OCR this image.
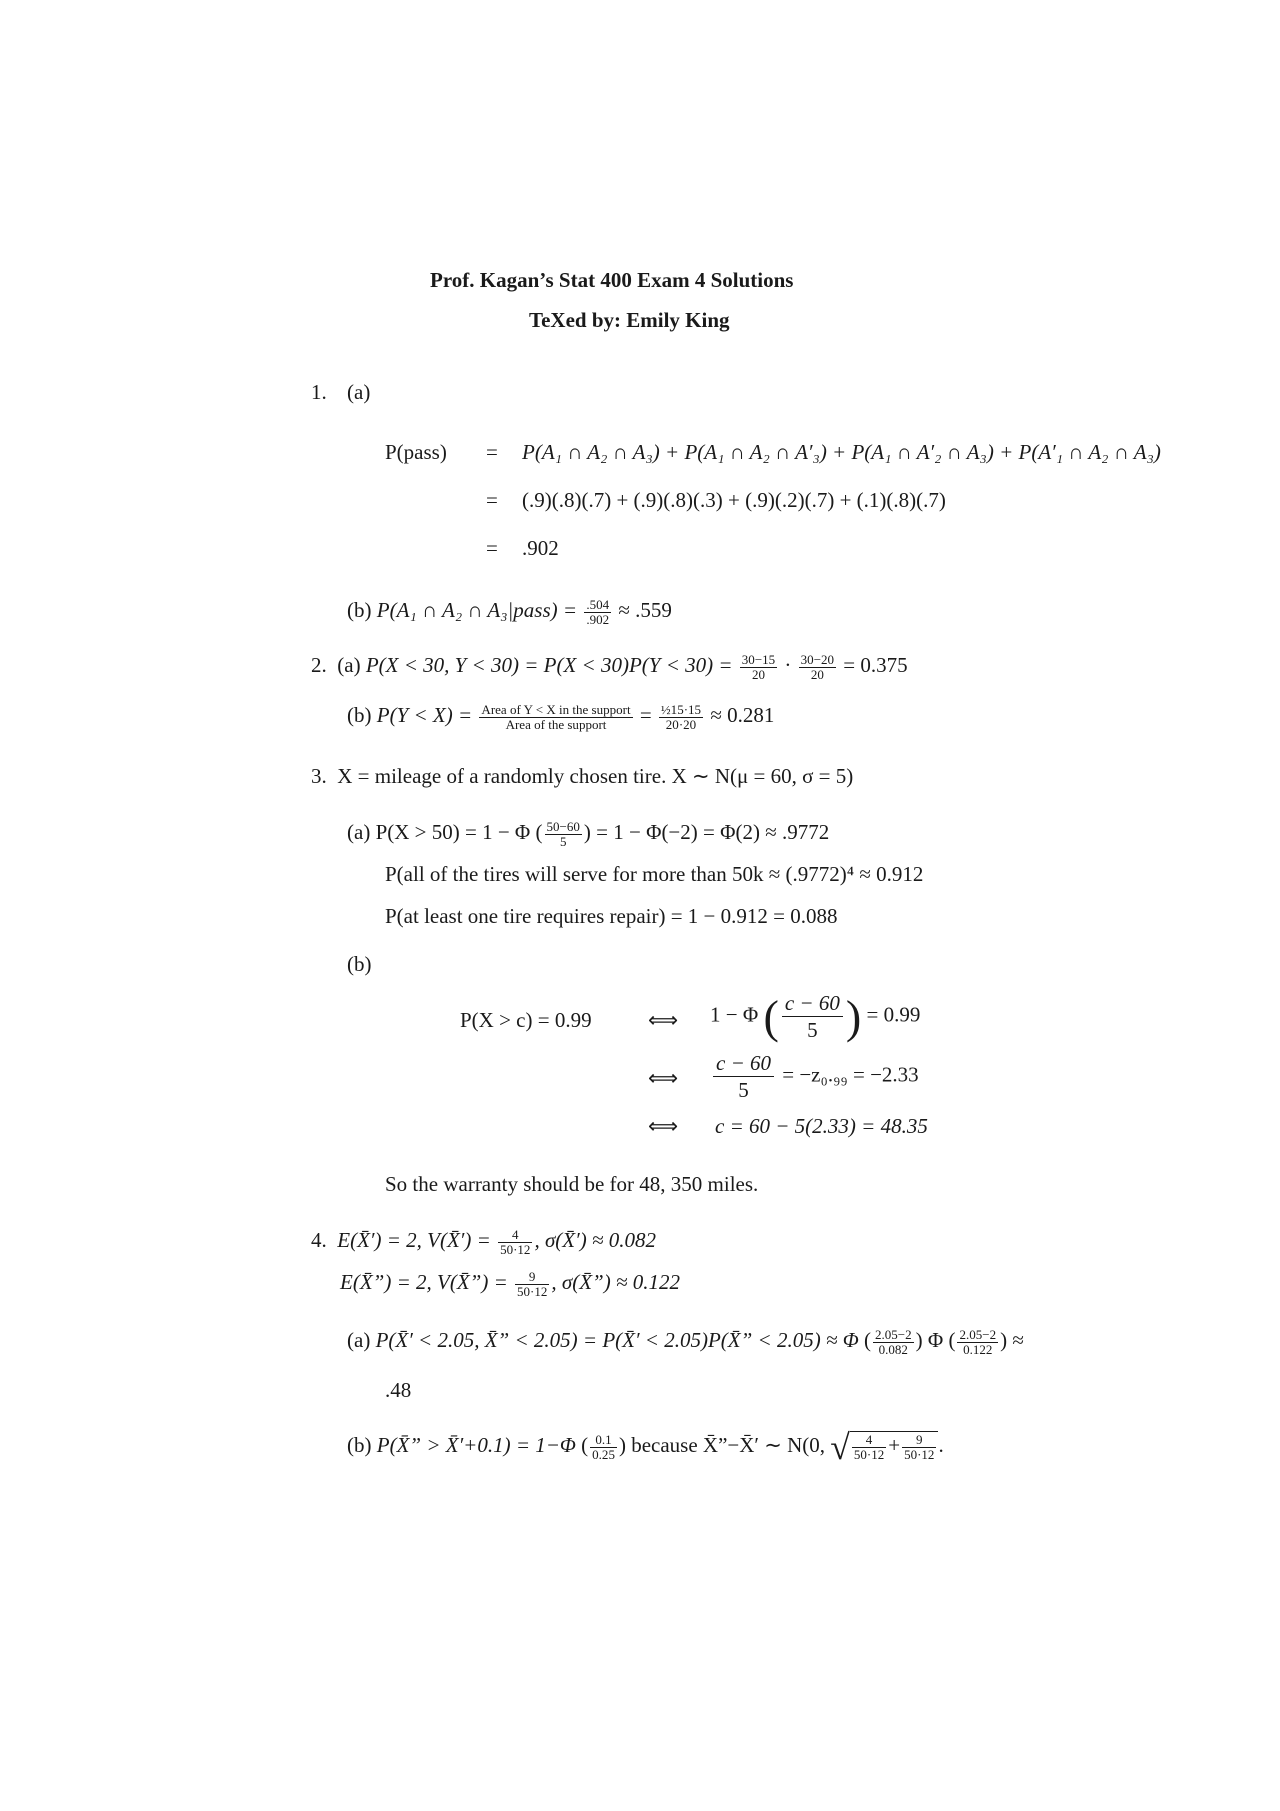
Prof. Kagan’s Stat 400 Exam 4 Solutions
TeXed by: Emily King
1. (a)
P(pass) = P(A₁ ∩ A₂ ∩ A₃) + P(A₁ ∩ A₂ ∩ A′₃) + P(A₁ ∩ A′₂ ∩ A₃) + P(A′₁ ∩ A₂ ∩ A₃)
= (.9)(.8)(.7) + (.9)(.8)(.3) + (.9)(.2)(.7) + (.1)(.8)(.7)
= .902
(b) P(A₁ ∩ A₂ ∩ A₃|pass) = $\frac{.504}{.902} \approx .559$
2. (a) P(X < 30, $Y < 30) = P(X < 30)P(Y < 30) = \frac{30-15}{20} \cdot \frac{30-20}{20} = 0.375$
(b) $P(Y < X) = \frac{\text{Area of Y < X in the support}}{\text{Area of the support}} = \frac{\text{½15·15}}{20\cdot 20} \approx 0.281$
3. X = mileage of a randomly chosen tire. X ∼ N(μ = 60, σ = 5)
(a) P(X > 50) = 1 − Φ ( $\frac{50-60}{5}$ ) = 1 − Φ(−2) = Φ(2) ≈ .9772
P(all of the tires will serve for more than 50k ≈ (.9772)⁴ ≈ 0.912
P(at least one tire requires repair) = 1 − 0.912 = 0.088
(b)
P(X > c) = 0.99	⟺ 1 − Φ ( $\frac{c - 60}{5}$ ) = 0.99
⟺ $\frac{c - 60}{5} = -z_0._{99} = -2.33$
⟺ c = 60 − 5(2.33) = 48.35
So the warranty should be for 48, 350 miles.
4. E(X̄′) = 2, V(X̄′) = $\frac{4}{50\cdot 12}$ , σ(X̄′) ≈ 0.082
E(X̄”) = 2, V(X̄”) = $\frac{9}{50\cdot 12}$ , σ(X̄”) ≈ 0.122
(a) P(X̄′ < 2.05, X̄” < 2.05) = P(X̄′ < 2.05)P(X̄” < 2.05) ≈ Φ ( $\frac{2.05-2}{0.082}$ ) Φ ( $\frac{2.05-2}{0.122}$ ) ≈
.48
(b) P(X̄” > X̄′+0.1) = 1−Φ ( $\frac{0.1}{0.25}$ ) because X̄”−X̄′ ∼ N(0, √ $\frac{4}{50\cdot 12} + \frac{9}{50\cdot 12}$ .
